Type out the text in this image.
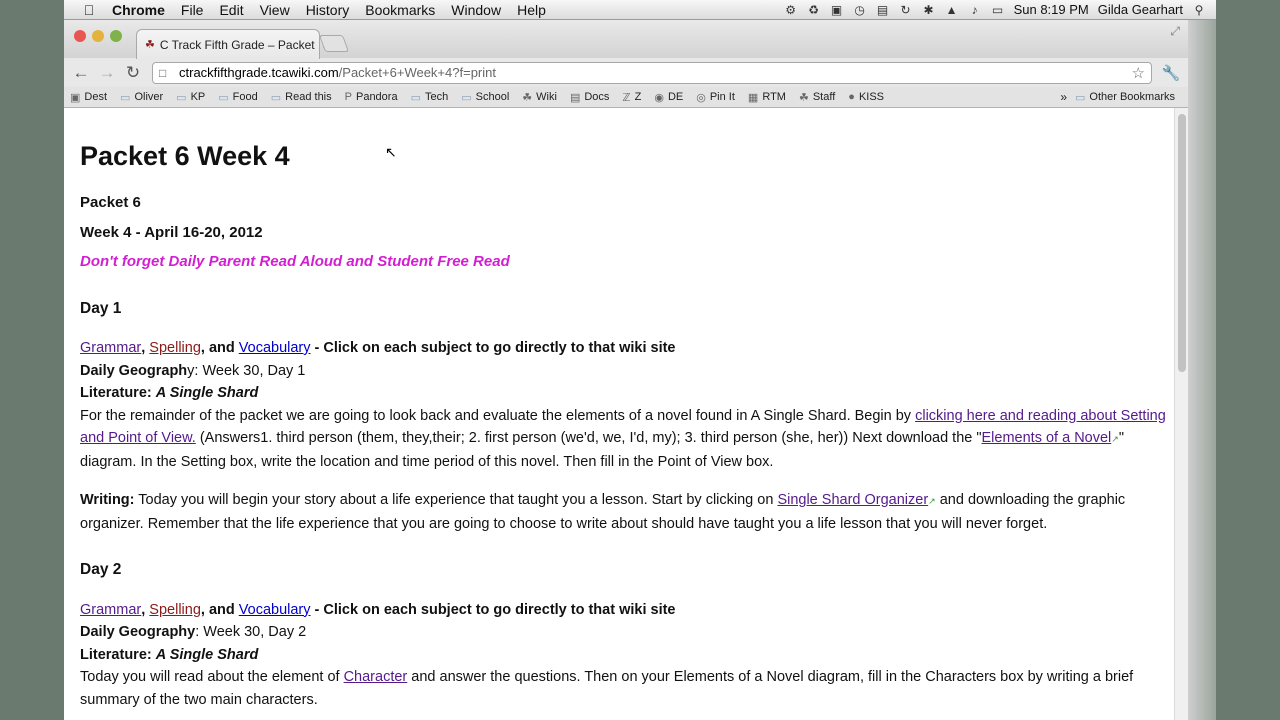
Chrome File Edit View History Bookmarks Window Help	⚙ ♻ ▣ ◷ ▤ ↻ ✱ ▲	♪	▭ Sun 8:19 PM Gilda Gearhart ⚲
☘ C Track Fifth Grade – Packet
⤢
← → ↻	□ ctrackfifthgrade.tcawiki.com /Packet+6+Week+4?f=print	☆ 🔧
▣ Dest ▭ Oliver ▭ KP ▭ Food ▭ Read this P Pandora ▭ Tech ▭ School ☘ Wiki ▤ Docs ℤ Z ◉ DE ◎ Pin It ▦ RTM ☘ Staff ● KISS	» ▭ Other Bookmarks
Packet 6 Week 4
Packet 6
Week 4 - April 16-20, 2012
Don't forget Daily Parent Read Aloud and Student Free Read
Day 1
Grammar, Spelling, and Vocabulary - Click on each subject to go directly to that wiki site
Daily Geography: Week 30, Day 1
Literature: A Single Shard
For the remainder of the packet we are going to look back and evaluate the elements of a novel found in A Single Shard. Begin by clicking here and reading about Setting and Point of View. (Answers1. third person (them, they,their; 2. first person (we'd, we, I'd, my); 3. third person (she, her)) Next download the "Elements of a Novel↗" diagram. In the Setting box, write the location and time period of this novel. Then fill in the Point of View box.
Writing: Today you will begin your story about a life experience that taught you a lesson. Start by clicking on Single Shard Organizer↗ and downloading the graphic organizer. Remember that the life experience that you are going to choose to write about should have taught you a life lesson that you will never forget.
Day 2
Grammar, Spelling, and Vocabulary - Click on each subject to go directly to that wiki site
Daily Geography: Week 30, Day 2
Literature: A Single Shard
Today you will read about the element of Character and answer the questions. Then on your Elements of a Novel diagram, fill in the Characters box by writing a brief summary of the two main characters.
↖
